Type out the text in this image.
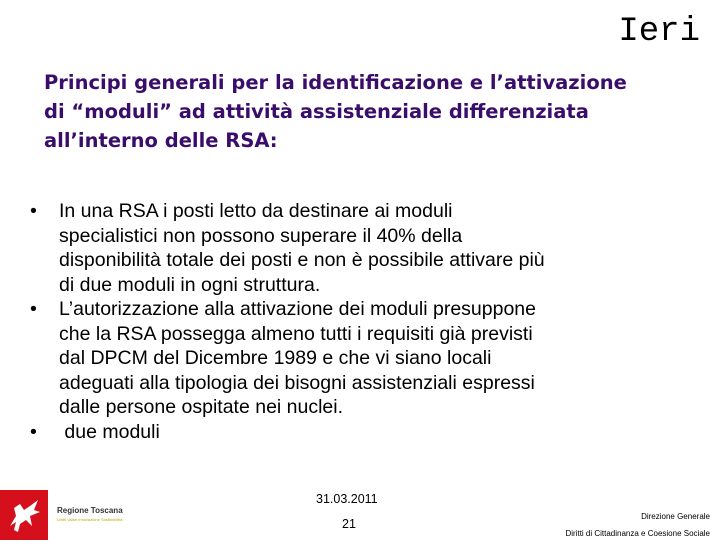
Ieri
Principi generali per la identificazione e l’attivazione
di “moduli” ad attività assistenziale differenziata
all’interno delle RSA:
• In una RSA i posti letto da destinare ai moduli
specialistici non possono superare il 40% della
disponibilità totale dei posti e non è possibile attivare più
di due moduli in ogni struttura.
• L’autorizzazione alla attivazione dei moduli presuppone
che la RSA possegga almeno tutti i requisiti già previsti
dal DPCM del Dicembre 1989 e che vi siano locali
adeguati alla tipologia dei bisogni assistenziali espressi
dalle persone ospitate nei nuclei.
• due moduli
Regione Toscana
Diritti Valori Innovazione Sostenibilità
31.03.2011
21
Direzione Generale
Diritti di Cittadinanza e Coesione Sociale
